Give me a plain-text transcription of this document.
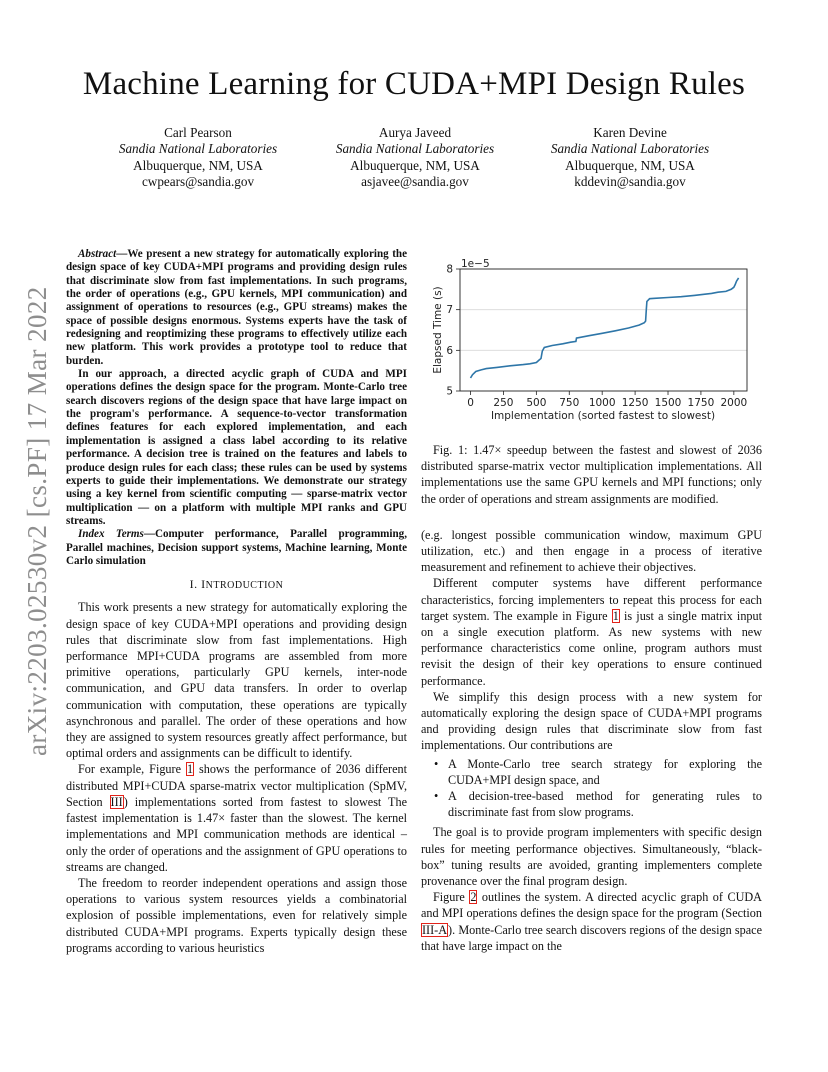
Machine Learning for CUDA+MPI Design Rules
Carl Pearson
Sandia National Laboratories
Albuquerque, NM, USA
cwpears@sandia.gov
Aurya Javeed
Sandia National Laboratories
Albuquerque, NM, USA
asjavee@sandia.gov
Karen Devine
Sandia National Laboratories
Albuquerque, NM, USA
kddevin@sandia.gov
arXiv:2203.02530v2 [cs.PF] 17 Mar 2022

Abstract—We present a new strategy for automatically exploring the design space of key CUDA+MPI programs and providing design rules that discriminate slow from fast implementations. In such programs, the order of operations (e.g., GPU kernels, MPI communication) and assignment of operations to resources (e.g., GPU streams) makes the space of possible designs enormous. Systems experts have the task of redesigning and reoptimizing these programs to effectively utilize each new platform. This work provides a prototype tool to reduce that burden.

In our approach, a directed acyclic graph of CUDA and MPI operations defines the design space for the program. Monte-Carlo tree search discovers regions of the design space that have large impact on the program's performance. A sequence-to-vector transformation defines features for each explored implementation, and each implementation is assigned a class label according to its relative performance. A decision tree is trained on the features and labels to produce design rules for each class; these rules can be used by systems experts to guide their implementations. We demonstrate our strategy using a key kernel from scientific computing — sparse-matrix vector multiplication — on a platform with multiple MPI ranks and GPU streams.

Index Terms—Computer performance, Parallel programming, Parallel machines, Decision support systems, Machine learning, Monte Carlo simulation

I. INTRODUCTION

This work presents a new strategy for automatically exploring the design space of key CUDA+MPI operations and providing design rules that discriminate slow from fast implementations. High performance MPI+CUDA programs are assembled from more primitive operations, particularly GPU kernels, inter-node communication, and GPU data transfers. In order to overlap communication with computation, these operations are typically asynchronous and parallel. The order of these operations and how they are assigned to system resources greatly affect performance, but optimal orders and assignments can be difficult to identify.

For example, Figure 1 shows the performance of 2036 different distributed MPI+CUDA sparse-matrix vector multiplication (SpMV, Section III) implementations sorted from fastest to slowest The fastest implementation is 1.47× faster than the slowest. The kernel implementations and MPI communication methods are identical – only the order of operations and the assignment of GPU operations to streams are changed.

The freedom to reorder independent operations and assign those operations to various system resources yields a combinatorial explosion of possible implementations, even for relatively simple distributed CUDA+MPI programs. Experts typically design these programs according to various heuristics

1e−5
5
6
7
8
0 250 500 750 1000 1250 1500 1750 2000
Implementation (sorted fastest to slowest)
Elapsed Time (s)

Fig. 1: 1.47× speedup between the fastest and slowest of 2036 distributed sparse-matrix vector multiplication implementations. All implementations use the same GPU kernels and MPI functions; only the order of operations and stream assignments are modified.

(e.g. longest possible communication window, maximum GPU utilization, etc.) and then engage in a process of iterative measurement and refinement to achieve their objectives.

Different computer systems have different performance characteristics, forcing implementers to repeat this process for each target system. The example in Figure 1 is just a single matrix input on a single execution platform. As new systems with new performance characteristics come online, program authors must revisit the design of their key operations to ensure continued performance.

We simplify this design process with a new system for automatically exploring the design space of CUDA+MPI programs and providing design rules that discriminate slow from fast implementations. Our contributions are

• A Monte-Carlo tree search strategy for exploring the CUDA+MPI design space, and
• A decision-tree-based method for generating rules to discriminate fast from slow programs.

The goal is to provide program implementers with specific design rules for meeting performance objectives. Simultaneously, “black-box” tuning results are avoided, granting implementers complete provenance over the final program design.

Figure 2 outlines the system. A directed acyclic graph of CUDA and MPI operations defines the design space for the program (Section III-A). Monte-Carlo tree search discovers regions of the design space that have large impact on the
